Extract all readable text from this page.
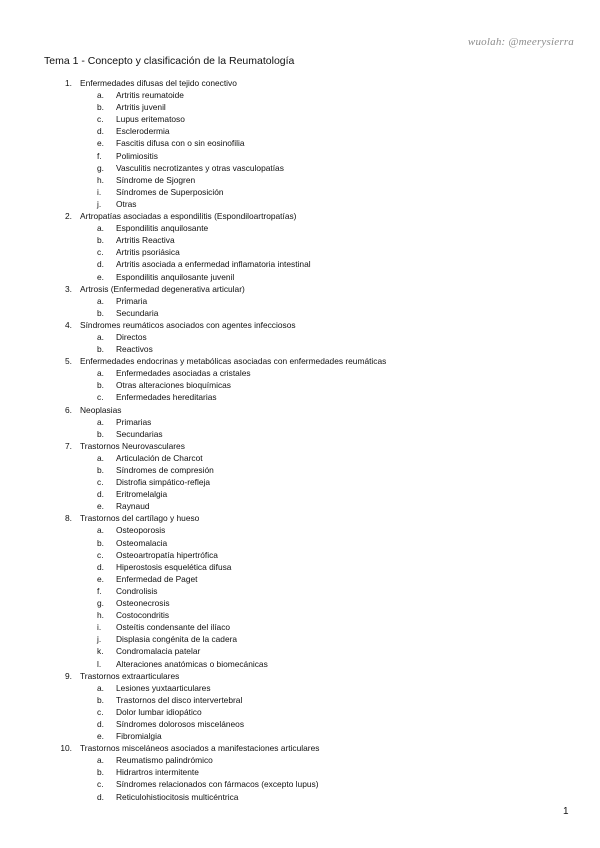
wuolah: @meerysierra
Tema 1 - Concepto y clasificación de la Reumatología
1. Enfermedades difusas del tejido conectivo
a. Artritis reumatoide
b. Artritis juvenil
c. Lupus eritematoso
d. Esclerodermia
e. Fascitis difusa con o sin eosinofilia
f. Polimiositis
g. Vasculitis necrotizantes y otras vasculopatías
h. Síndrome de Sjogren
i. Síndromes de Superposición
j. Otras
2. Artropatías asociadas a espondilitis (Espondiloartropatías)
a. Espondilitis anquilosante
b. Artritis Reactiva
c. Artritis psoriásica
d. Artritis asociada a enfermedad inflamatoria intestinal
e. Espondilitis anquilosante juvenil
3. Artrosis (Enfermedad degenerativa articular)
a. Primaria
b. Secundaria
4. Síndromes reumáticos asociados con agentes infecciosos
a. Directos
b. Reactivos
5. Enfermedades endocrinas y metabólicas asociadas con enfermedades reumáticas
a. Enfermedades asociadas a cristales
b. Otras alteraciones bioquímicas
c. Enfermedades hereditarias
6. Neoplasias
a. Primarias
b. Secundarias
7. Trastornos Neurovasculares
a. Articulación de Charcot
b. Síndromes de compresión
c. Distrofia simpático-refleja
d. Eritromelalgia
e. Raynaud
8. Trastornos del cartílago y hueso
a. Osteoporosis
b. Osteomalacia
c. Osteoartropatía hipertrófica
d. Hiperostosis esquelética difusa
e. Enfermedad de Paget
f. Condrolisis
g. Osteonecrosis
h. Costocondritis
i. Osteítis condensante del ilíaco
j. Displasia congénita de la cadera
k. Condromalacia patelar
l. Alteraciones anatómicas o biomecánicas
9. Trastornos extraarticulares
a. Lesiones yuxtaarticulares
b. Trastornos del disco intervertebral
c. Dolor lumbar idiopático
d. Síndromes dolorosos misceláneos
e. Fibromialgia
10. Trastornos misceláneos asociados a manifestaciones articulares
a. Reumatismo palindrómico
b. Hidrartros intermitente
c. Síndromes relacionados con fármacos (excepto lupus)
d. Reticulohistiocitosis multicéntrica
1
